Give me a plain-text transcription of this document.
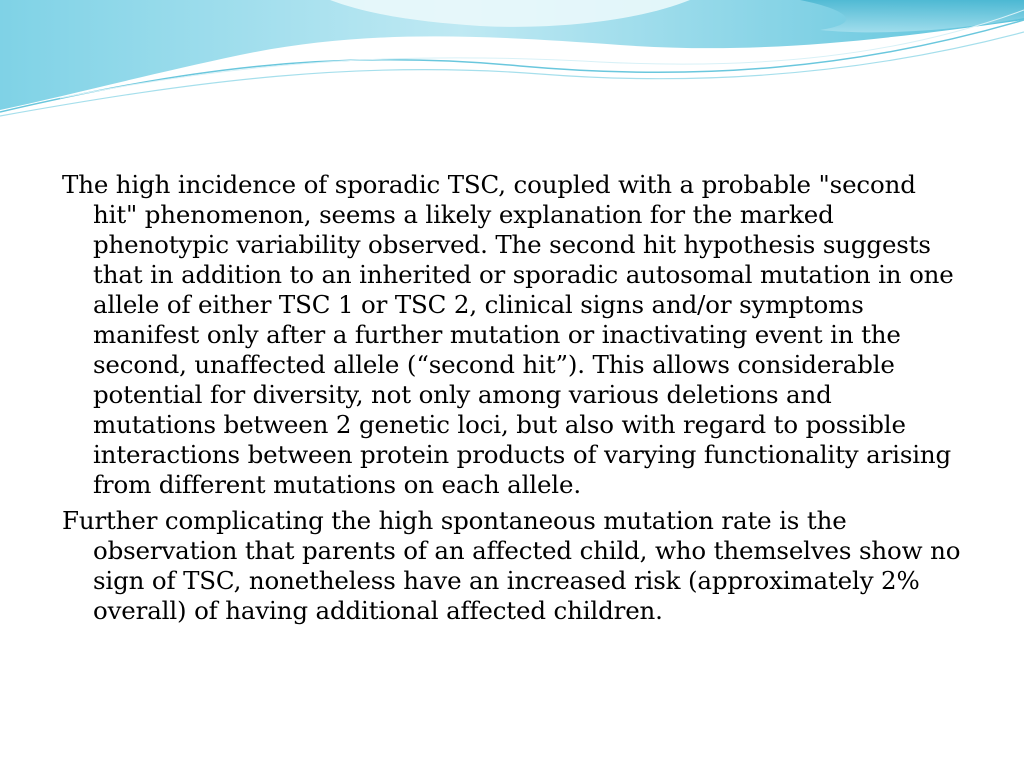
The high incidence of sporadic TSC, coupled with a probable "second hit" phenomenon, seems a likely explanation for the marked phenotypic variability observed. The second hit hypothesis suggests that in addition to an inherited or sporadic autosomal mutation in one allele of either TSC 1 or TSC 2, clinical signs and/or symptoms manifest only after a further mutation or inactivating event in the second, unaffected allele (“second hit”). This allows considerable potential for diversity, not only among various deletions and mutations between 2 genetic loci, but also with regard to possible interactions between protein products of varying functionality arising from different mutations on each allele.

Further complicating the high spontaneous mutation rate is the observation that parents of an affected child, who themselves show no sign of TSC, nonetheless have an increased risk (approximately 2% overall) of having additional affected children.
